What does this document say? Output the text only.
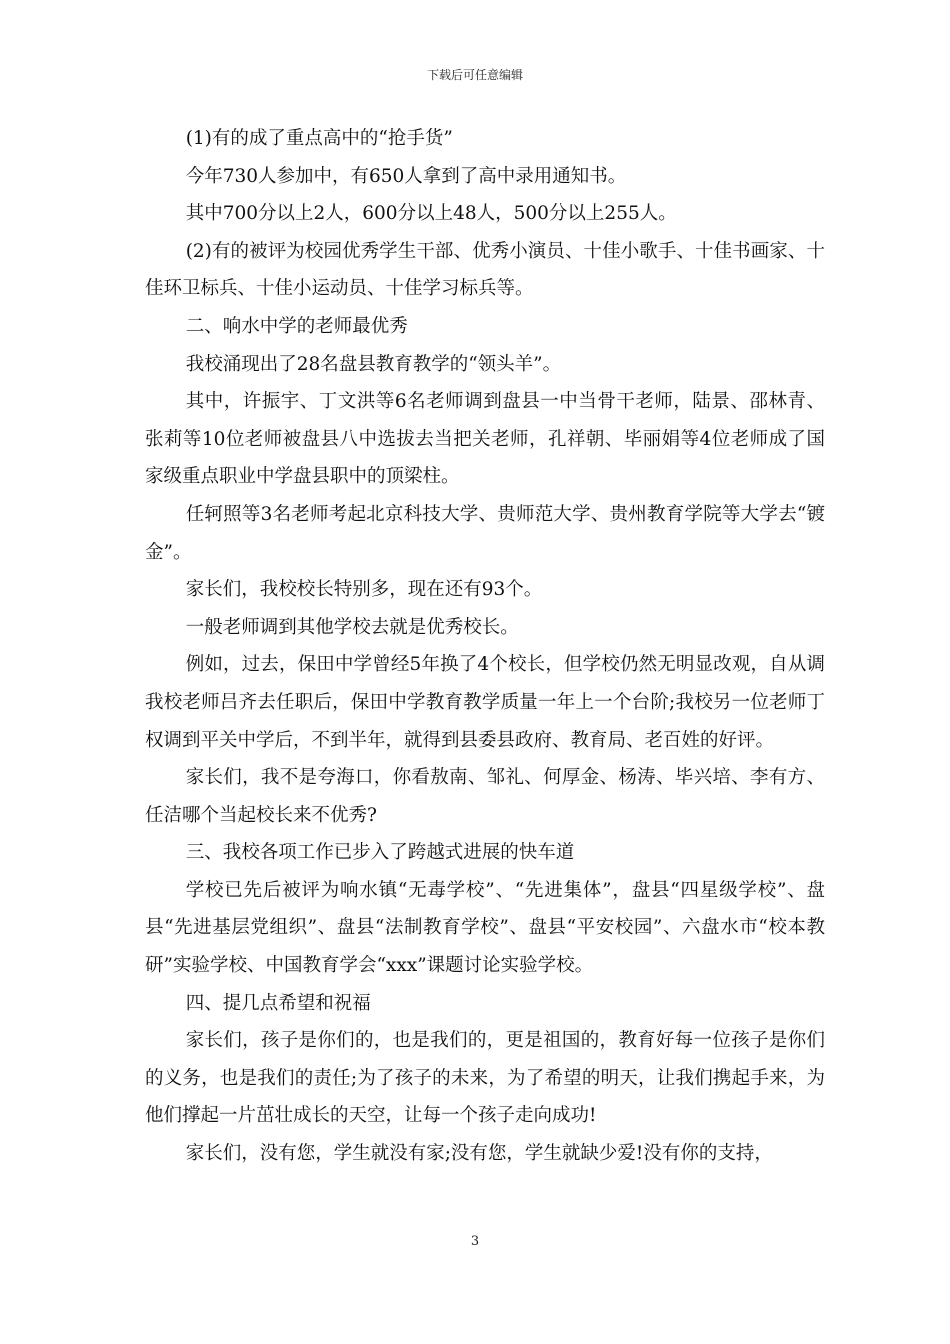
下载后可任意编辑

(1)有的成了重点高中的“抢手货”

今年730人参加中，有650人拿到了高中录用通知书。

其中700分以上2人，600分以上48人，500分以上255人。

(2)有的被评为校园优秀学生干部、优秀小演员、十佳小歌手、十佳书画家、十佳环卫标兵、十佳小运动员、十佳学习标兵等。

二、响水中学的老师最优秀

我校涌现出了28名盘县教育教学的“领头羊”。

其中，许振宇、丁文洪等6名老师调到盘县一中当骨干老师，陆景、邵林青、张莉等10位老师被盘县八中选拔去当把关老师，孔祥朝、毕丽娟等4位老师成了国家级重点职业中学盘县职中的顶梁柱。

任轲照等3名老师考起北京科技大学、贵师范大学、贵州教育学院等大学去“镀金”。

家长们，我校校长特别多，现在还有93个。

一般老师调到其他学校去就是优秀校长。

例如，过去，保田中学曾经5年换了4个校长，但学校仍然无明显改观，自从调我校老师吕齐去任职后，保田中学教育教学质量一年上一个台阶;我校另一位老师丁权调到平关中学后，不到半年，就得到县委县政府、教育局、老百姓的好评。

家长们，我不是夸海口，你看敖南、邹礼、何厚金、杨涛、毕兴培、李有方、任洁哪个当起校长来不优秀?

三、我校各项工作已步入了跨越式进展的快车道

学校已先后被评为响水镇“无毒学校”、“先进集体”，盘县“四星级学校”、盘县“先进基层党组织”、盘县“法制教育学校”、盘县“平安校园”、六盘水市“校本教研”实验学校、中国教育学会“xxx”课题讨论实验学校。

四、提几点希望和祝福

家长们，孩子是你们的，也是我们的，更是祖国的，教育好每一位孩子是你们的义务，也是我们的责任;为了孩子的未来，为了希望的明天，让我们携起手来，为他们撑起一片茁壮成长的天空，让每一个孩子走向成功!

家长们，没有您，学生就没有家;没有您，学生就缺少爱!没有你的支持，

3
